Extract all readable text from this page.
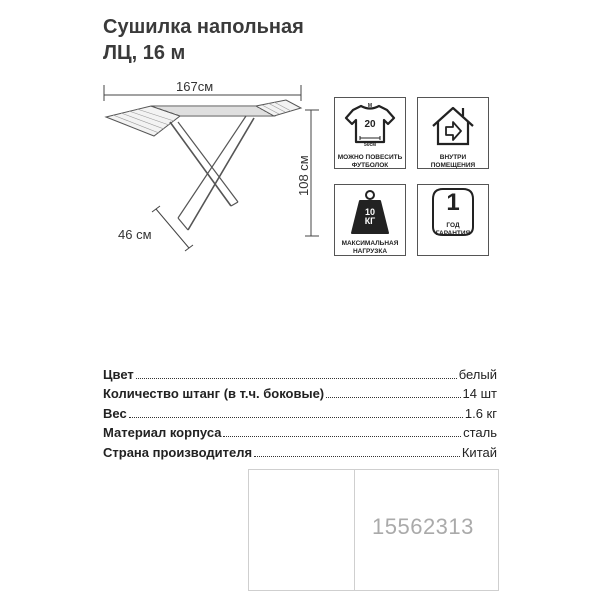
Сушилка напольная
ЛЦ, 16 м
167см
46 см
108 см
M
20
50см
МОЖНО ПОВЕСИТЬ
ФУТБОЛОК
ВНУТРИ
ПОМЕЩЕНИЯ
10
КГ
МАКСИМАЛЬНАЯ
НАГРУЗКА
1
ГОД
ГАРАНТИЯ
Цвет	белый
Количество штанг (в т.ч. боковые)	14 шт
Вес	1.6 кг
Материал корпуса	сталь
Страна производителя	Китай
15562313
